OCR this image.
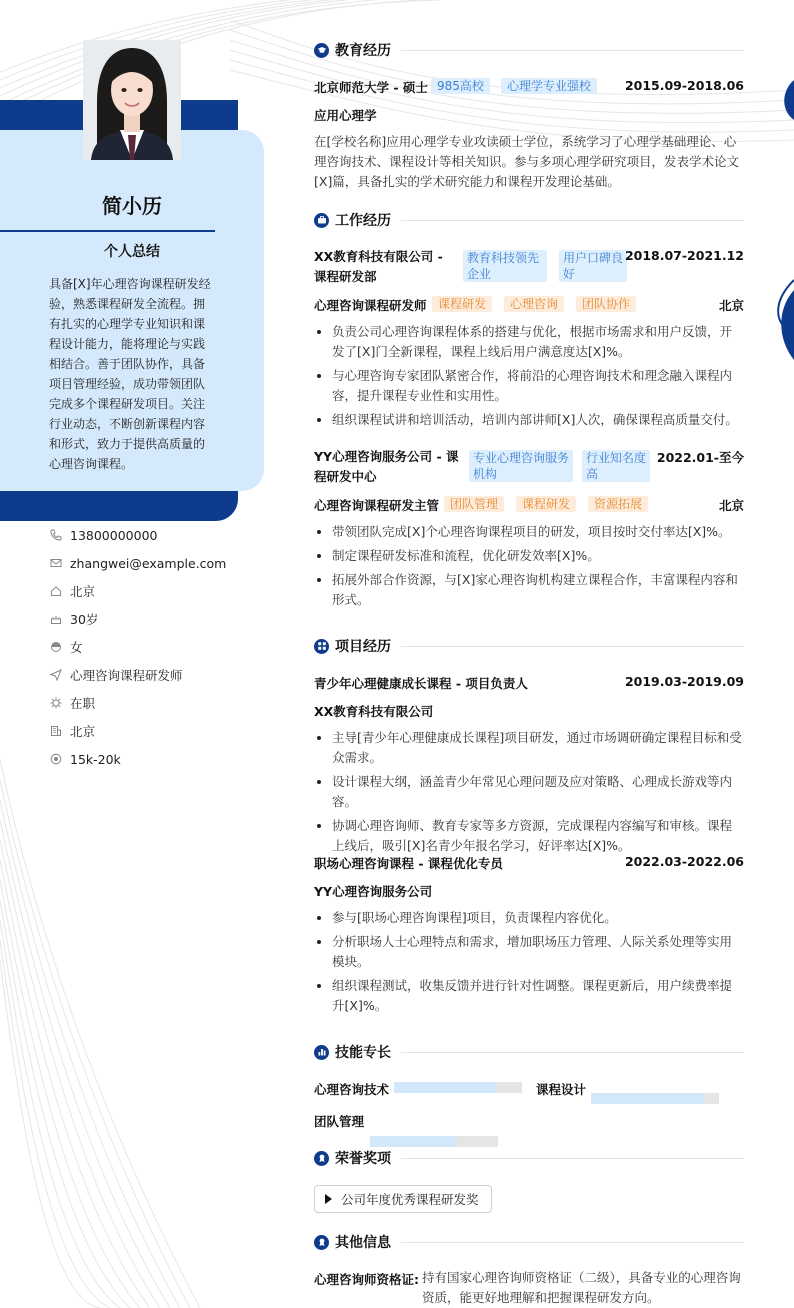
简小历
个人总结
具备[X]年心理咨询课程研发经验，熟悉课程研发全流程。拥有扎实的心理学专业知识和课程设计能力，能将理论与实践相结合。善于团队协作，具备项目管理经验，成功带领团队完成多个课程研发项目。关注行业动态，不断创新课程内容和形式，致力于提供高质量的心理咨询课程。
13800000000
zhangwei@example.com
北京
30岁
女
心理咨询课程研发师
在职
北京
15k-20k
教育经历
北京师范大学 - 硕士 985高校	心理学专业强校	2015.09-2018.06
应用心理学
在[学校名称]应用心理学专业攻读硕士学位，系统学习了心理学基础理论、心理咨询技术、课程设计等相关知识。参与多项心理学研究项目，发表学术论文[X]篇，具备扎实的学术研究能力和课程开发理论基础。
工作经历
XX教育科技有限公司 - 课程研发部
教育科技领先企业
用户口碑良好
2018.07-2021.12
心理咨询课程研发师 课程研发	心理咨询	团队协作	北京
负责公司心理咨询课程体系的搭建与优化，根据市场需求和用户反馈，开发了[X]门全新课程，课程上线后用户满意度达[X]%。
与心理咨询专家团队紧密合作，将前沿的心理咨询技术和理念融入课程内容，提升课程专业性和实用性。
组织课程试讲和培训活动，培训内部讲师[X]人次，确保课程高质量交付。
YY心理咨询服务公司 - 课程研发中心
专业心理咨询服务机构
行业知名度高
2022.01-至今
心理咨询课程研发主管 团队管理	课程研发	资源拓展	北京
带领团队完成[X]个心理咨询课程项目的研发，项目按时交付率达[X]%。
制定课程研发标准和流程，优化研发效率[X]%。
拓展外部合作资源，与[X]家心理咨询机构建立课程合作，丰富课程内容和形式。
项目经历
青少年心理健康成长课程 - 项目负责人	2019.03-2019.09
XX教育科技有限公司
主导[青少年心理健康成长课程]项目研发，通过市场调研确定课程目标和受众需求。
设计课程大纲，涵盖青少年常见心理问题及应对策略、心理成长游戏等内容。
协调心理咨询师、教育专家等多方资源，完成课程内容编写和审核。课程上线后，吸引[X]名青少年报名学习，好评率达[X]%。
职场心理咨询课程 - 课程优化专员	2022.03-2022.06
YY心理咨询服务公司
参与[职场心理咨询课程]项目，负责课程内容优化。
分析职场人士心理特点和需求，增加职场压力管理、人际关系处理等实用模块。
组织课程测试，收集反馈并进行针对性调整。课程更新后，用户续费率提升[X]%。
技能专长
心理咨询技术	课程设计
团队管理
荣誉奖项
公司年度优秀课程研发奖
其他信息
心理咨询师资格证: 持有国家心理咨询师资格证（二级），具备专业的心理咨询资质，能更好地理解和把握课程研发方向。
